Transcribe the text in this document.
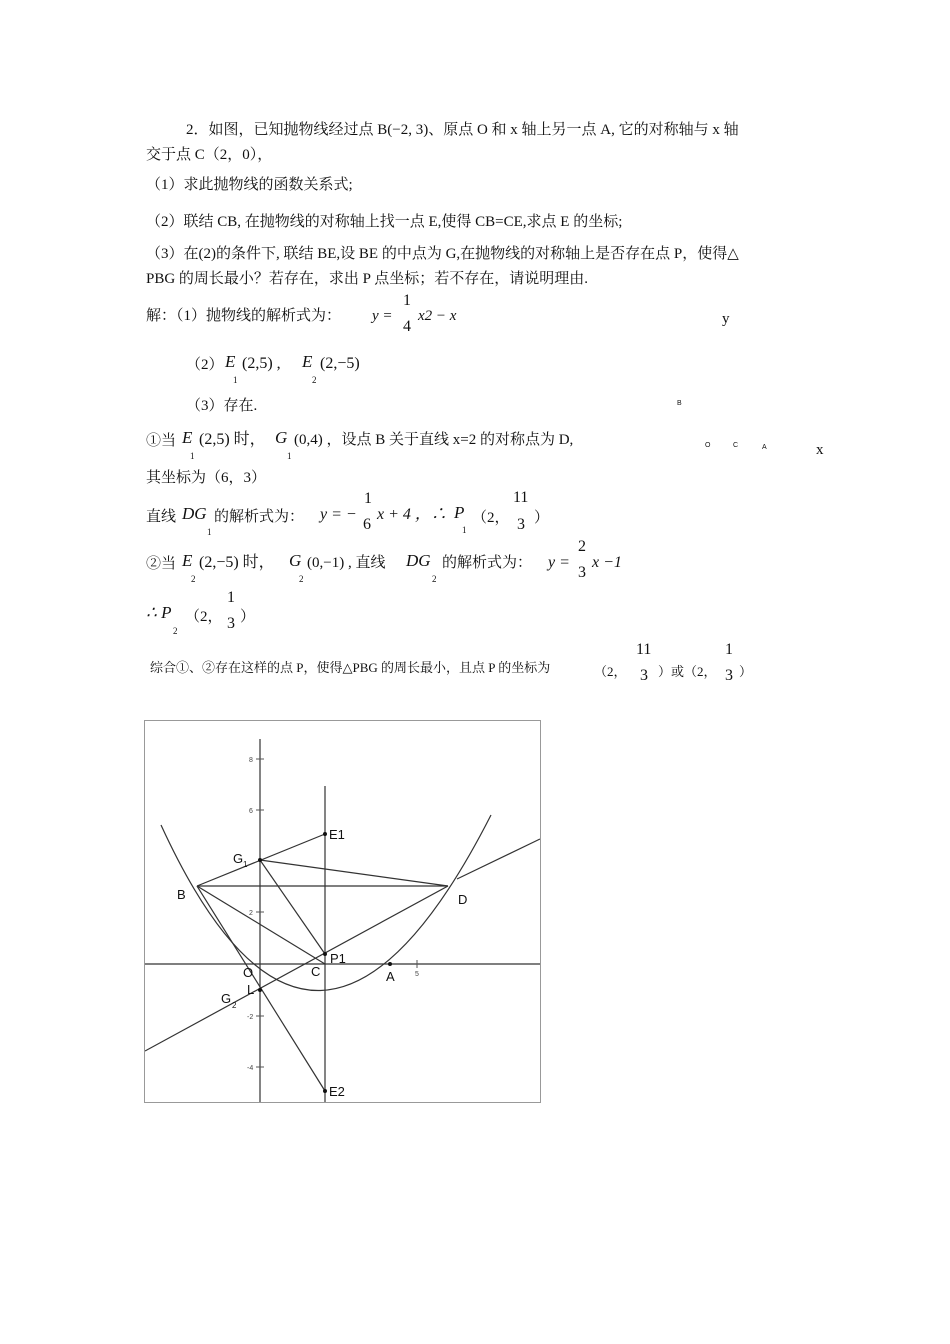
2．如图，已知抛物线经过点 B(−2, 3)、原点 O 和 x 轴上另一点 A, 它的对称轴与 x 轴
交于点 C（2，0），
（1）求此抛物线的函数关系式;
（2）联结 CB, 在抛物线的对称轴上找一点 E,使得 CB=CE,求点 E 的坐标;
（3）在(2)的条件下, 联结 BE,设 BE 的中点为 G,在抛物线的对称轴上是否存在点 P，使得△
PBG 的周长最小？若存在，求出 P 点坐标；若不存在，请说明理由.
解：（1）抛物线的解析式为： y =
1
4
x2 − x	y
（2） E
1
(2,5) , E
2
(2,−5)
（3）存在.	B
O	C	A	x
①当 E
1
(2,5) 时， G
1
(0,4) ，设点 B 关于直线 x=2 的对称点为 D,
其坐标为（6，3）
直线 DG
1
的解析式为： y = −
1
6
x + 4 ，∴ P
1
（2，
11
3 ）
②当 E
2
(2,−5) 时， G
2
(0,−1) , 直线 DG
2
的解析式为： y =
2
3
x −1
∴ P
2
（2，
1
3 ）
综合①、②存在这样的点 P，使得△PBG 的周长最小，且点 P 的坐标为	（2，
11
3 ）或（2，
1
3 ）
8
6
2
-2
-4
5
E1
G 1
B	D
O
L
C
P1
A
G 2
E2
